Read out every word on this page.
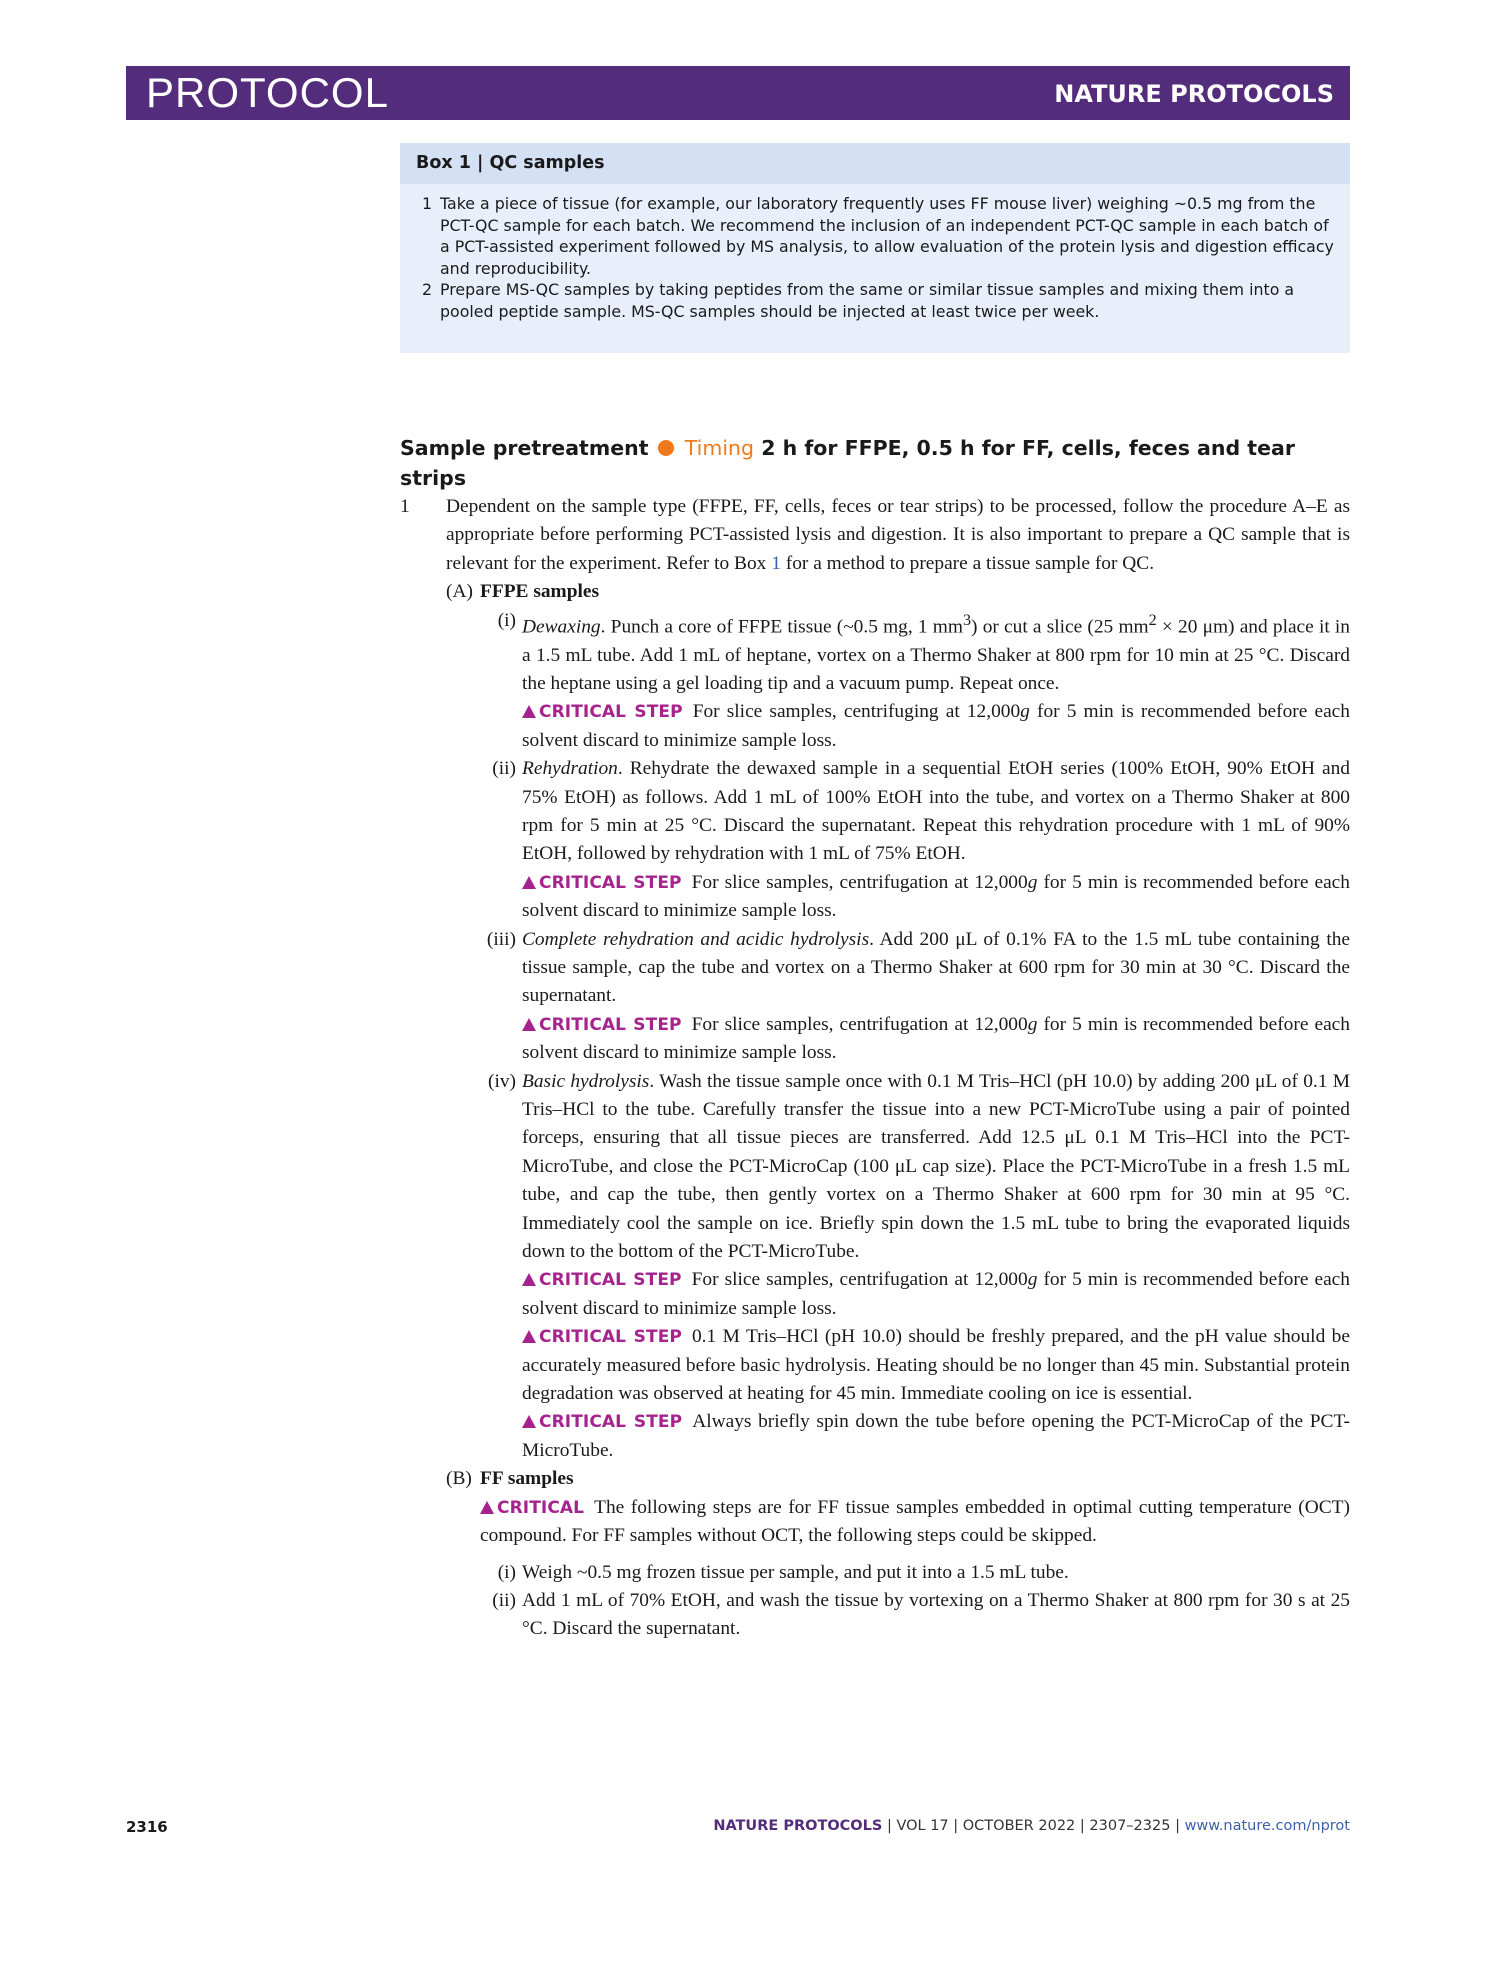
PROTOCOL	NATURE PROTOCOLS
Box 1 | QC samples
1 Take a piece of tissue (for example, our laboratory frequently uses FF mouse liver) weighing ~0.5 mg from the PCT-QC sample for each batch. We recommend the inclusion of an independent PCT-QC sample in each batch of a PCT-assisted experiment followed by MS analysis, to allow evaluation of the protein lysis and digestion efficacy and reproducibility.
2 Prepare MS-QC samples by taking peptides from the same or similar tissue samples and mixing them into a pooled peptide sample. MS-QC samples should be injected at least twice per week.
Sample pretreatment Timing 2 h for FFPE, 0.5 h for FF, cells, feces and tear strips
1 Dependent on the sample type (FFPE, FF, cells, feces or tear strips) to be processed, follow the procedure A–E as appropriate before performing PCT-assisted lysis and digestion. It is also important to prepare a QC sample that is relevant for the experiment. Refer to Box 1 for a method to prepare a tissue sample for QC.

(A) FFPE samples
(i) Dewaxing. Punch a core of FFPE tissue (~0.5 mg, 1 $mm^3$) or cut a slice (25 $mm^2 \times 20$ μm) and place it in a 1.5 mL tube. Add 1 mL of heptane, vortex on a Thermo Shaker at 800 rpm for 10 min at 25 °C. Discard the heptane using a gel loading tip and a vacuum pump. Repeat once.

CRITICAL STEP For slice samples, centrifuging at 12,000g for 5 min is recommended before each solvent discard to minimize sample loss.

(ii) Rehydration. Rehydrate the dewaxed sample in a sequential EtOH series (100% EtOH, 90% EtOH and 75% EtOH) as follows. Add 1 mL of 100% EtOH into the tube, and vortex on a Thermo Shaker at 800 rpm for 5 min at 25 °C. Discard the supernatant. Repeat this rehydration procedure with 1 mL of 90% EtOH, followed by rehydration with 1 mL of 75% EtOH.

CRITICAL STEP For slice samples, centrifugation at 12,000g for 5 min is recommended before each solvent discard to minimize sample loss.

(iii) Complete rehydration and acidic hydrolysis. Add 200 μL of 0.1% FA to the 1.5 mL tube containing the tissue sample, cap the tube and vortex on a Thermo Shaker at 600 rpm for 30 min at 30 °C. Discard the supernatant.

CRITICAL STEP For slice samples, centrifugation at 12,000g for 5 min is recommended before each solvent discard to minimize sample loss.

(iv) Basic hydrolysis. Wash the tissue sample once with 0.1 M Tris–HCl (pH 10.0) by adding 200 μL of 0.1 M Tris–HCl to the tube. Carefully transfer the tissue into a new PCT-MicroTube using a pair of pointed forceps, ensuring that all tissue pieces are transferred. Add 12.5 μL 0.1 M Tris–HCl into the PCT-MicroTube, and close the PCT-MicroCap (100 μL cap size). Place the PCT-MicroTube in a fresh 1.5 mL tube, and cap the tube, then gently vortex on a Thermo Shaker at 600 rpm for 30 min at 95 °C. Immediately cool the sample on ice. Briefly spin down the 1.5 mL tube to bring the evaporated liquids down to the bottom of the PCT-MicroTube.

CRITICAL STEP For slice samples, centrifugation at 12,000g for 5 min is recommended before each solvent discard to minimize sample loss.

CRITICAL STEP 0.1 M Tris–HCl (pH 10.0) should be freshly prepared, and the pH value should be accurately measured before basic hydrolysis. Heating should be no longer than 45 min. Substantial protein degradation was observed at heating for 45 min. Immediate cooling on ice is essential.

CRITICAL STEP Always briefly spin down the tube before opening the PCT-MicroCap of the PCT-MicroTube.

(B) FF samples

CRITICAL The following steps are for FF tissue samples embedded in optimal cutting temperature (OCT) compound. For FF samples without OCT, the following steps could be skipped.

(i) Weigh ~0.5 mg frozen tissue per sample, and put it into a 1.5 mL tube.

(ii) Add 1 mL of 70% EtOH, and wash the tissue by vortexing on a Thermo Shaker at 800 rpm for 30 s at 25 °C. Discard the supernatant.

2316	NATURE PROTOCOLS | VOL 17 | OCTOBER 2022 | 2307–2325 | www.nature.com/nprot
